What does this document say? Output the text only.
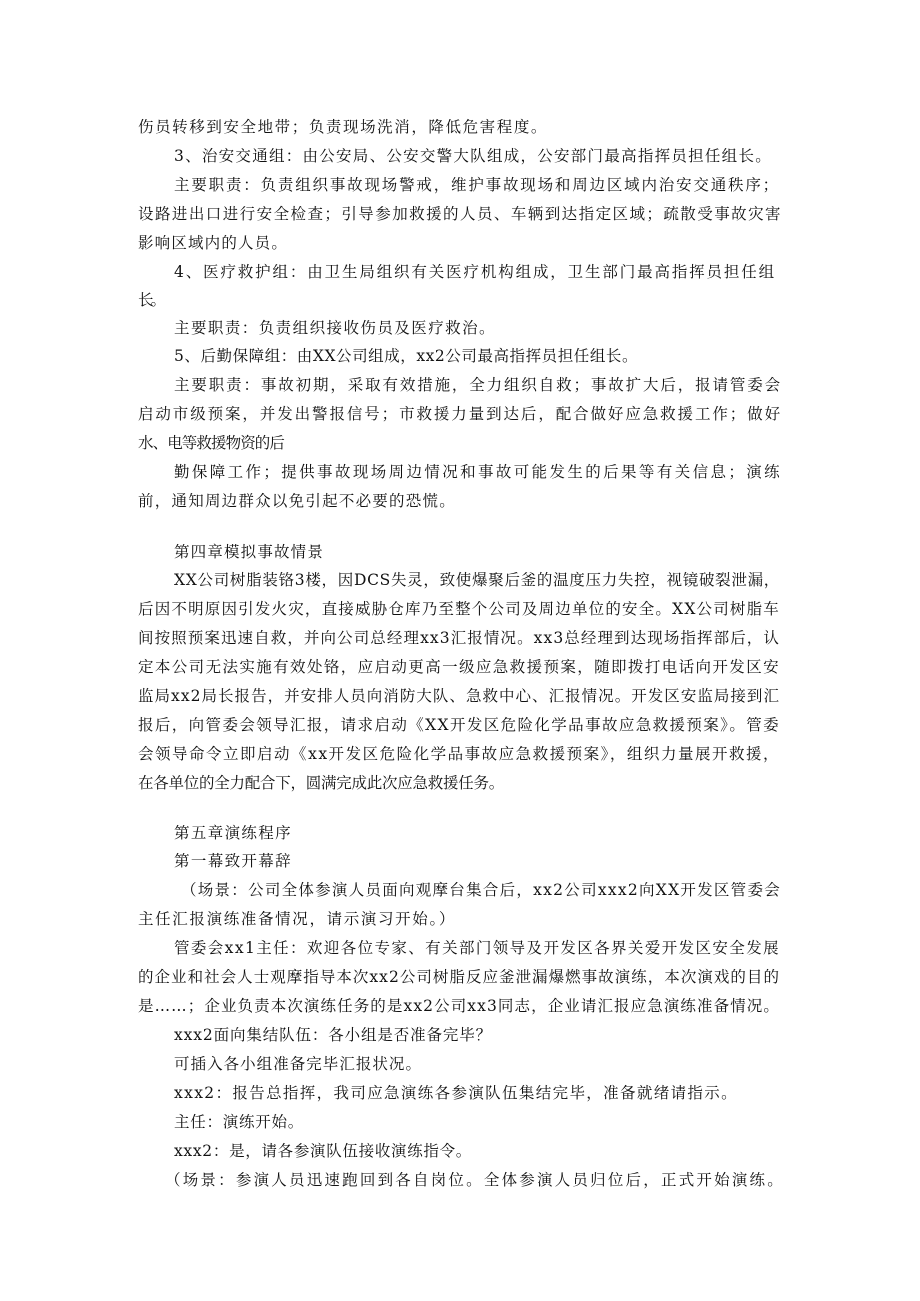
伤员转移到安全地带；负责现场洗消，降低危害程度。
3、治安交通组：由公安局、公安交警大队组成，公安部门最高指挥员担任组长。
主要职责：负责组织事故现场警戒，维护事故现场和周边区域内治安交通秩序；
设路进出口进行安全检查；引导参加救援的人员、车辆到达指定区域；疏散受事故灾害
影响区域内的人员。
4、医疗救护组：由卫生局组织有关医疗机构组成，卫生部门最高指挥员担任组
长。
主要职责：负责组织接收伤员及医疗救治。
5、后勤保障组：由XX公司组成，xx2公司最高指挥员担任组长。
主要职责：事故初期，采取有效措施，全力组织自救；事故扩大后，报请管委会
启动市级预案，并发出警报信号；市救援力量到达后，配合做好应急救援工作；做好
水、电等救援物资的后
勤保障工作；提供事故现场周边情况和事故可能发生的后果等有关信息；演练
前，通知周边群众以免引起不必要的恐慌。
第四章模拟事故情景
XX公司树脂装铬3楼，因DCS失灵，致使爆聚后釜的温度压力失控，视镜破裂泄漏，
后因不明原因引发火灾，直接威胁仓库乃至整个公司及周边单位的安全。XX公司树脂车
间按照预案迅速自救，并向公司总经理xx3汇报情况。xx3总经理到达现场指挥部后，认
定本公司无法实施有效处铬，应启动更高一级应急救援预案，随即拨打电话向开发区安
监局xx2局长报告，并安排人员向消防大队、急救中心、汇报情况。开发区安监局接到汇
报后，向管委会领导汇报，请求启动《XX开发区危险化学品事故应急救援预案》。管委
会领导命令立即启动《xx开发区危险化学品事故应急救援预案》，组织力量展开救援，
在各单位的全力配合下，圆满完成此次应急救援任务。
第五章演练程序
第一幕致开幕辞
（场景：公司全体参演人员面向观摩台集合后，xx2公司xxx2向XX开发区管委会
主任汇报演练准备情况，请示演习开始。）
管委会xx1主任：欢迎各位专家、有关部门领导及开发区各界关爱开发区安全发展
的企业和社会人士观摩指导本次xx2公司树脂反应釜泄漏爆燃事故演练，本次演戏的目的
是……；企业负责本次演练任务的是xx2公司xx3同志，企业请汇报应急演练准备情况。
xxx2面向集结队伍：各小组是否准备完毕？
可插入各小组准备完毕汇报状况。
xxx2：报告总指挥，我司应急演练各参演队伍集结完毕，准备就绪请指示。
主任：演练开始。
xxx2：是，请各参演队伍接收演练指令。
（场景：参演人员迅速跑回到各自岗位。全体参演人员归位后，正式开始演练。
